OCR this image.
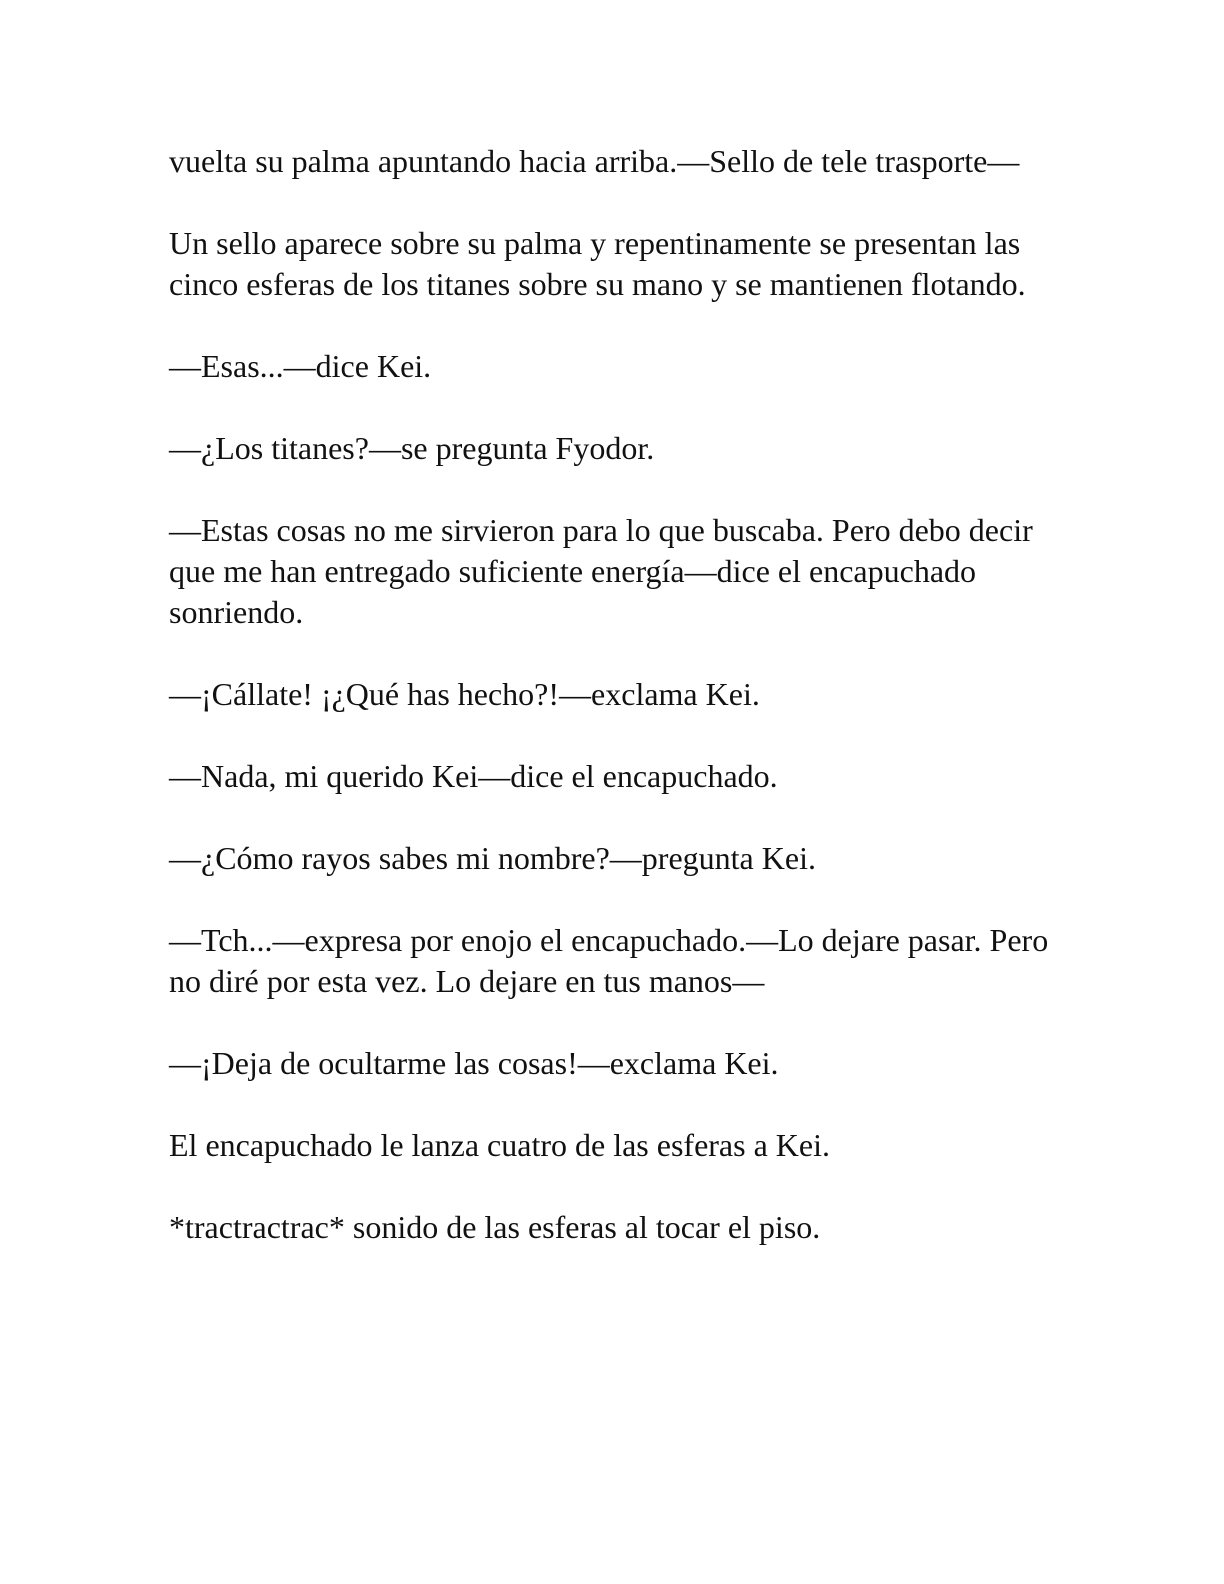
vuelta su palma apuntando hacia arriba.—Sello de tele trasporte—

Un sello aparece sobre su palma y repentinamente se presentan las cinco esferas de los titanes sobre su mano y se mantienen flotando.

—Esas...—dice Kei.

—¿Los titanes?—se pregunta Fyodor.

—Estas cosas no me sirvieron para lo que buscaba. Pero debo decir que me han entregado suficiente energía—dice el encapuchado sonriendo.

—¡Cállate! ¡¿Qué has hecho?!—exclama Kei.

—Nada, mi querido Kei—dice el encapuchado.

—¿Cómo rayos sabes mi nombre?—pregunta Kei.

—Tch...—expresa por enojo el encapuchado.—Lo dejare pasar. Pero no diré por esta vez. Lo dejare en tus manos—

—¡Deja de ocultarme las cosas!—exclama Kei.

El encapuchado le lanza cuatro de las esferas a Kei.

*tractractrac* sonido de las esferas al tocar el piso.
